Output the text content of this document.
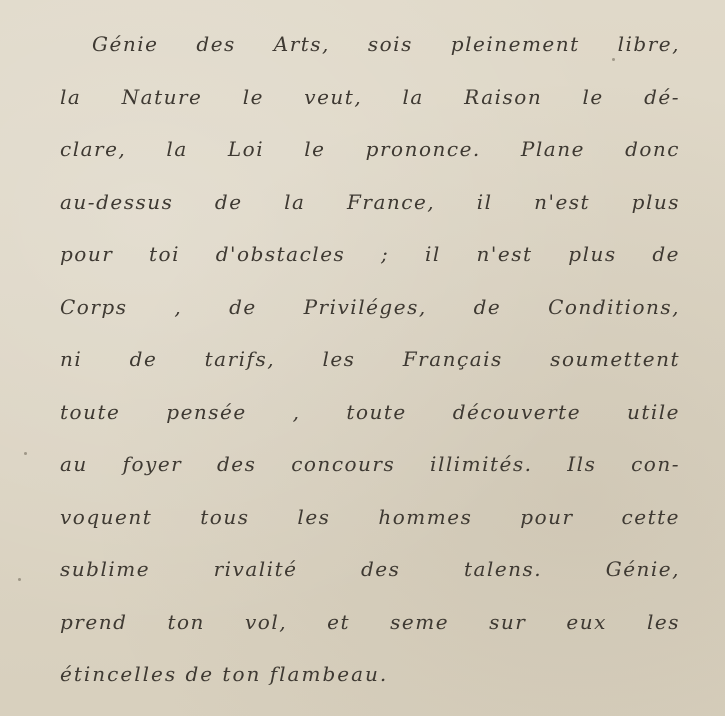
Génie des Arts, sois pleinement libre,
la Nature le veut, la Raison le dé-
clare, la Loi le prononce. Plane donc
au-dessus de la France, il n'est plus
pour toi d'obstacles ; il n'est plus de
Corps , de Priviléges, de Conditions,
ni de tarifs, les Français soumettent
toute pensée , toute découverte utile
au foyer des concours illimités. Ils con-
voquent tous les hommes pour cette
sublime rivalité des talens. Génie,
prend ton vol, et seme sur eux les
étincelles de ton flambeau.
